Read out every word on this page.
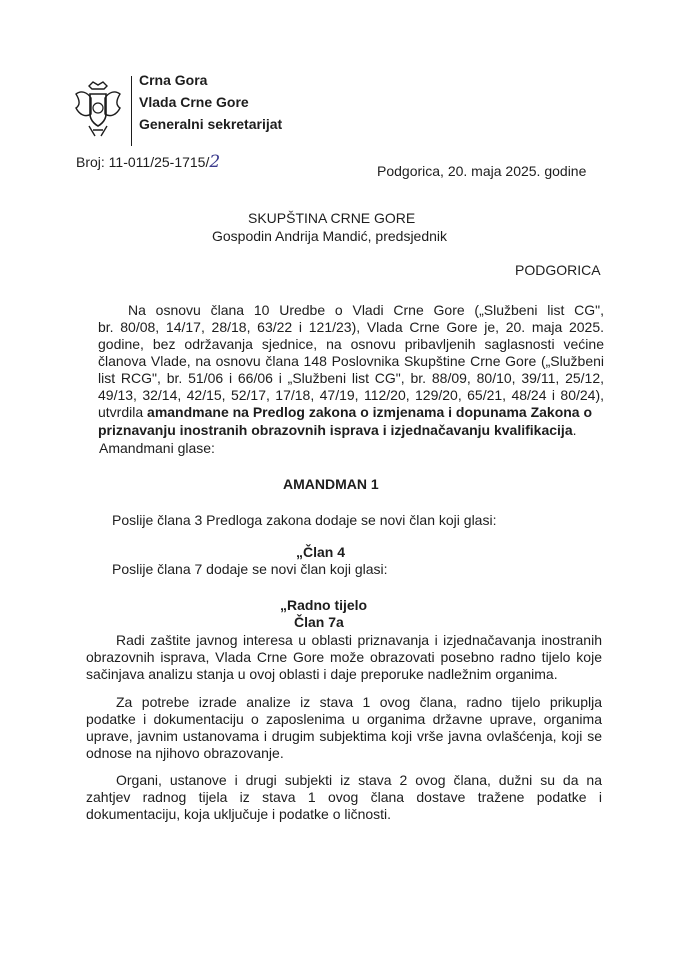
Crna Gora
Vlada Crne Gore
Generalni sekretarijat
Broj: 11-011/25-1715/2	Podgorica, 20. maja 2025. godine
SKUPŠTINA CRNE GORE
Gospodin Andrija Mandić, predsjednik
PODGORICA
Na osnovu člana 10 Uredbe o Vladi Crne Gore („Službeni list CG",
br. 80/08, 14/17, 28/18, 63/22 i 121/23), Vlada Crne Gore je, 20. maja 2025.
godine, bez održavanja sjednice, na osnovu pribavljenih saglasnosti većine
članova Vlade, na osnovu člana 148 Poslovnika Skupštine Crne Gore („Službeni
list RCG", br. 51/06 i 66/06 i „Službeni list CG", br. 88/09, 80/10, 39/11, 25/12,
49/13, 32/14, 42/15, 52/17, 17/18, 47/19, 112/20, 129/20, 65/21, 48/24 i 80/24),
utvrdila amandmane na Predlog zakona o izmjenama i dopunama Zakona o
priznavanju inostranih obrazovnih isprava i izjednačavanju kvalifikacija.
Amandmani glase:
AMANDMAN 1
Poslije člana 3 Predloga zakona dodaje se novi član koji glasi:
„Član 4
Poslije člana 7 dodaje se novi član koji glasi:
„Radno tijelo
Član 7a
Radi zaštite javnog interesa u oblasti priznavanja i izjednačavanja inostranih
obrazovnih isprava, Vlada Crne Gore može obrazovati posebno radno tijelo koje
sačinjava analizu stanja u ovoj oblasti i daje preporuke nadležnim organima.
Za potrebe izrade analize iz stava 1 ovog člana, radno tijelo prikuplja
podatke i dokumentaciju o zaposlenima u organima državne uprave, organima
uprave, javnim ustanovama i drugim subjektima koji vrše javna ovlašćenja, koji se
odnose na njihovo obrazovanje.
Organi, ustanove i drugi subjekti iz stava 2 ovog člana, dužni su da na
zahtjev radnog tijela iz stava 1 ovog člana dostave tražene podatke i
dokumentaciju, koja uključuje i podatke o ličnosti.
